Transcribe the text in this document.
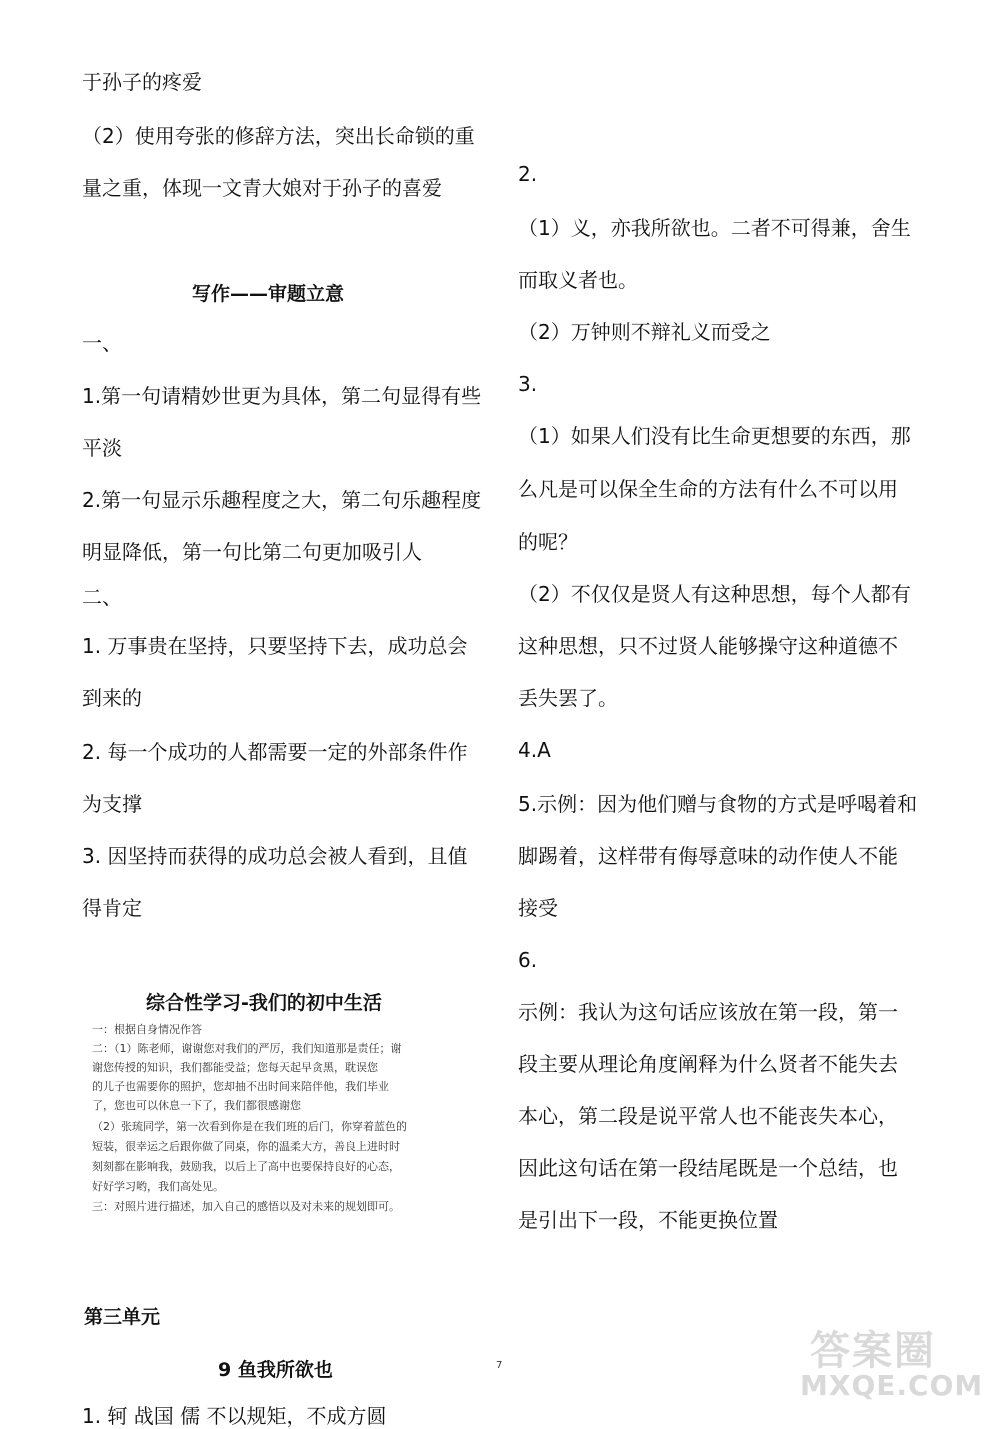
于孙子的疼爱
（2）使用夸张的修辞方法，突出长命锁的重
量之重，体现一文青大娘对于孙子的喜爱
写作——审题立意
一、
1.第一句请精妙世更为具体，第二句显得有些
平淡
2.第一句显示乐趣程度之大，第二句乐趣程度
明显降低，第一句比第二句更加吸引人
二、
1. 万事贵在坚持，只要坚持下去，成功总会
到来的
2. 每一个成功的人都需要一定的外部条件作
为支撑
3. 因坚持而获得的成功总会被人看到，且值
得肯定
综合性学习-我们的初中生活
一：根据自身情况作答
二：（1）陈老师，谢谢您对我们的严厉，我们知道那是责任；谢
谢您传授的知识，我们都能受益；您每天起早贪黑，耽误您
的儿子也需要你的照护，您却抽不出时间来陪伴他，我们毕业
了，您也可以休息一下了，我们都很感谢您
（2）张琉同学，第一次看到你是在我们班的后门，你穿着蓝色的
短装，很幸运之后跟你做了同桌，你的温柔大方，善良上进时时
刻刻都在影响我，鼓励我，以后上了高中也要保持良好的心态，
好好学习哟，我们高处见。
三：对照片进行描述，加入自己的感悟以及对未来的规划即可。
第三单元
9 鱼我所欲也
1. 轲 战国 儒 不以规矩，不成方圆
2.
（1）义，亦我所欲也。二者不可得兼，舍生
而取义者也。
（2）万钟则不辩礼义而受之
3.
（1）如果人们没有比生命更想要的东西，那
么凡是可以保全生命的方法有什么不可以用
的呢？
（2）不仅仅是贤人有这种思想，每个人都有
这种思想，只不过贤人能够操守这种道德不
丢失罢了。
4.A
5.示例：因为他们赠与食物的方式是呼喝着和
脚踢着，这样带有侮辱意味的动作使人不能
接受
6.
示例：我认为这句话应该放在第一段，第一
段主要从理论角度阐释为什么贤者不能失去
本心，第二段是说平常人也不能丧失本心，
因此这句话在第一段结尾既是一个总结，也
是引出下一段，不能更换位置
7	答案圈
MXQE.COM
